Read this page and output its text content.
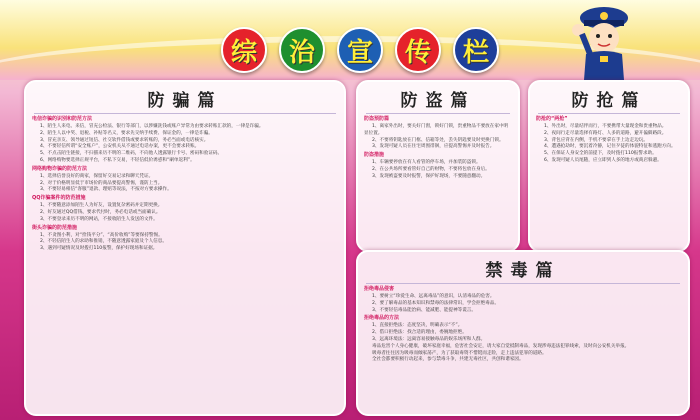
综	治	宣	传	栏
防骗篇
电信诈骗的识别和防范方法
1、陌生人来电、来信，冒充公检法、银行等部门，以涉嫌洗钱或账户异常为由要求转账汇款的，一律是诈骗。
2、陌生人以中奖、退税、补贴等名义，要求先交纳手续费、保证金的，一律是诈骗。
3、冒充亲友、领导通过短信、社交软件借钱或要求转账的，务必当面或电话核实。
4、不要轻信所谓“安全账户”，公安机关从不通过电话办案，更不会要求转账。
5、不点击陌生链接，不扫描来历不明的二维码，不向他人透露银行卡号、密码和验证码。
6、网络购物要选择正规平台，不私下交易，不轻信低价诱惑和“刷单返利”。
网络购物诈骗的防范方法
1、选择信誉良好的商家，保留好交易记录和聊天凭证。
2、对于价格明显低于市场价的商品要提高警惕，谨防上当。
3、不要轻易相信“客服”退款、理赔等说法，不按对方要求操作。
QQ诈骗案件的防范措施
1、不要随意添加陌生人为好友，设置复杂密码并定期更换。
2、好友通过QQ借钱、要求代付时，务必电话或当面确认。
3、不要登录来历不明的网站，不接收陌生人发送的文件。
街头诈骗的防范措施
1、不贪图小利，对“捡钱平分”、“高价收购”等要保持警惕。
2、不轻信陌生人的求助和推销，不随意透露家庭及个人信息。
3、遇到可疑情况及时拨打110报警，保护好现场和证据。
防盗篇
防盗预防篇
1、离家外出时，要关好门窗，锁好门锁，贵重物品不要放在家中明显位置。
2、不要将钥匙放在门框、信箱等处，丢失钥匙要及时更换门锁。
3、发现可疑人员在住宅周围徘徊，应提高警惕并及时报告。
防盗措施
1、车辆要停放在有人看管的停车场，并加装防盗锁。
2、在公共场所要看管好自己的财物，不要将包放在身后。
3、发现被盗要及时报警，保护好现场，不要随意翻动。
防抢篇
防抢的“两抢”
1、外出时，尽量结伴而行，不要携带大量现金和贵重物品。
2、夜间行走尽量选择有路灯、人多的道路，避开偏僻路段。
3、背包应背在内侧，手机不要拿在手上边走边玩。
4、遭遇抢劫时，要沉着冷静，记住歹徒的体貌特征和逃跑方向。
5、在保证人身安全的前提下，及时拨打110报警求助。
6、发现可疑人员尾随，应立即到人多的地方或商店躲避。
禁毒篇
拒绝毒品侵害
1、要树立“珍爱生命、远离毒品”的意识，认清毒品的危害。
2、要了解毒品的基本知识和禁毒的法律常识，学会拒绝毒品。
3、不要轻信毒品能治病、能减肥、能提神等谎言。
拒绝毒品的方法
1、直接拒绝法：态度坚决，明确表示“不”。
2、借口拒绝法：找合适的理由，委婉地拒绝。
3、远离环境法：远离容易接触毒品的娱乐场所和人群。
毒品危害个人身心健康，破坏家庭幸福，危害社会安定，请大家自觉抵制毒品，发现涉毒违法犯罪线索，及时向公安机关举报。
吸毒者往往因为吸毒而倾家荡产，为了获取毒资不惜铤而走险，走上违法犯罪的道路。
全社会都要积极行动起来，参与禁毒斗争，共建无毒社区，共创和谐家园。
